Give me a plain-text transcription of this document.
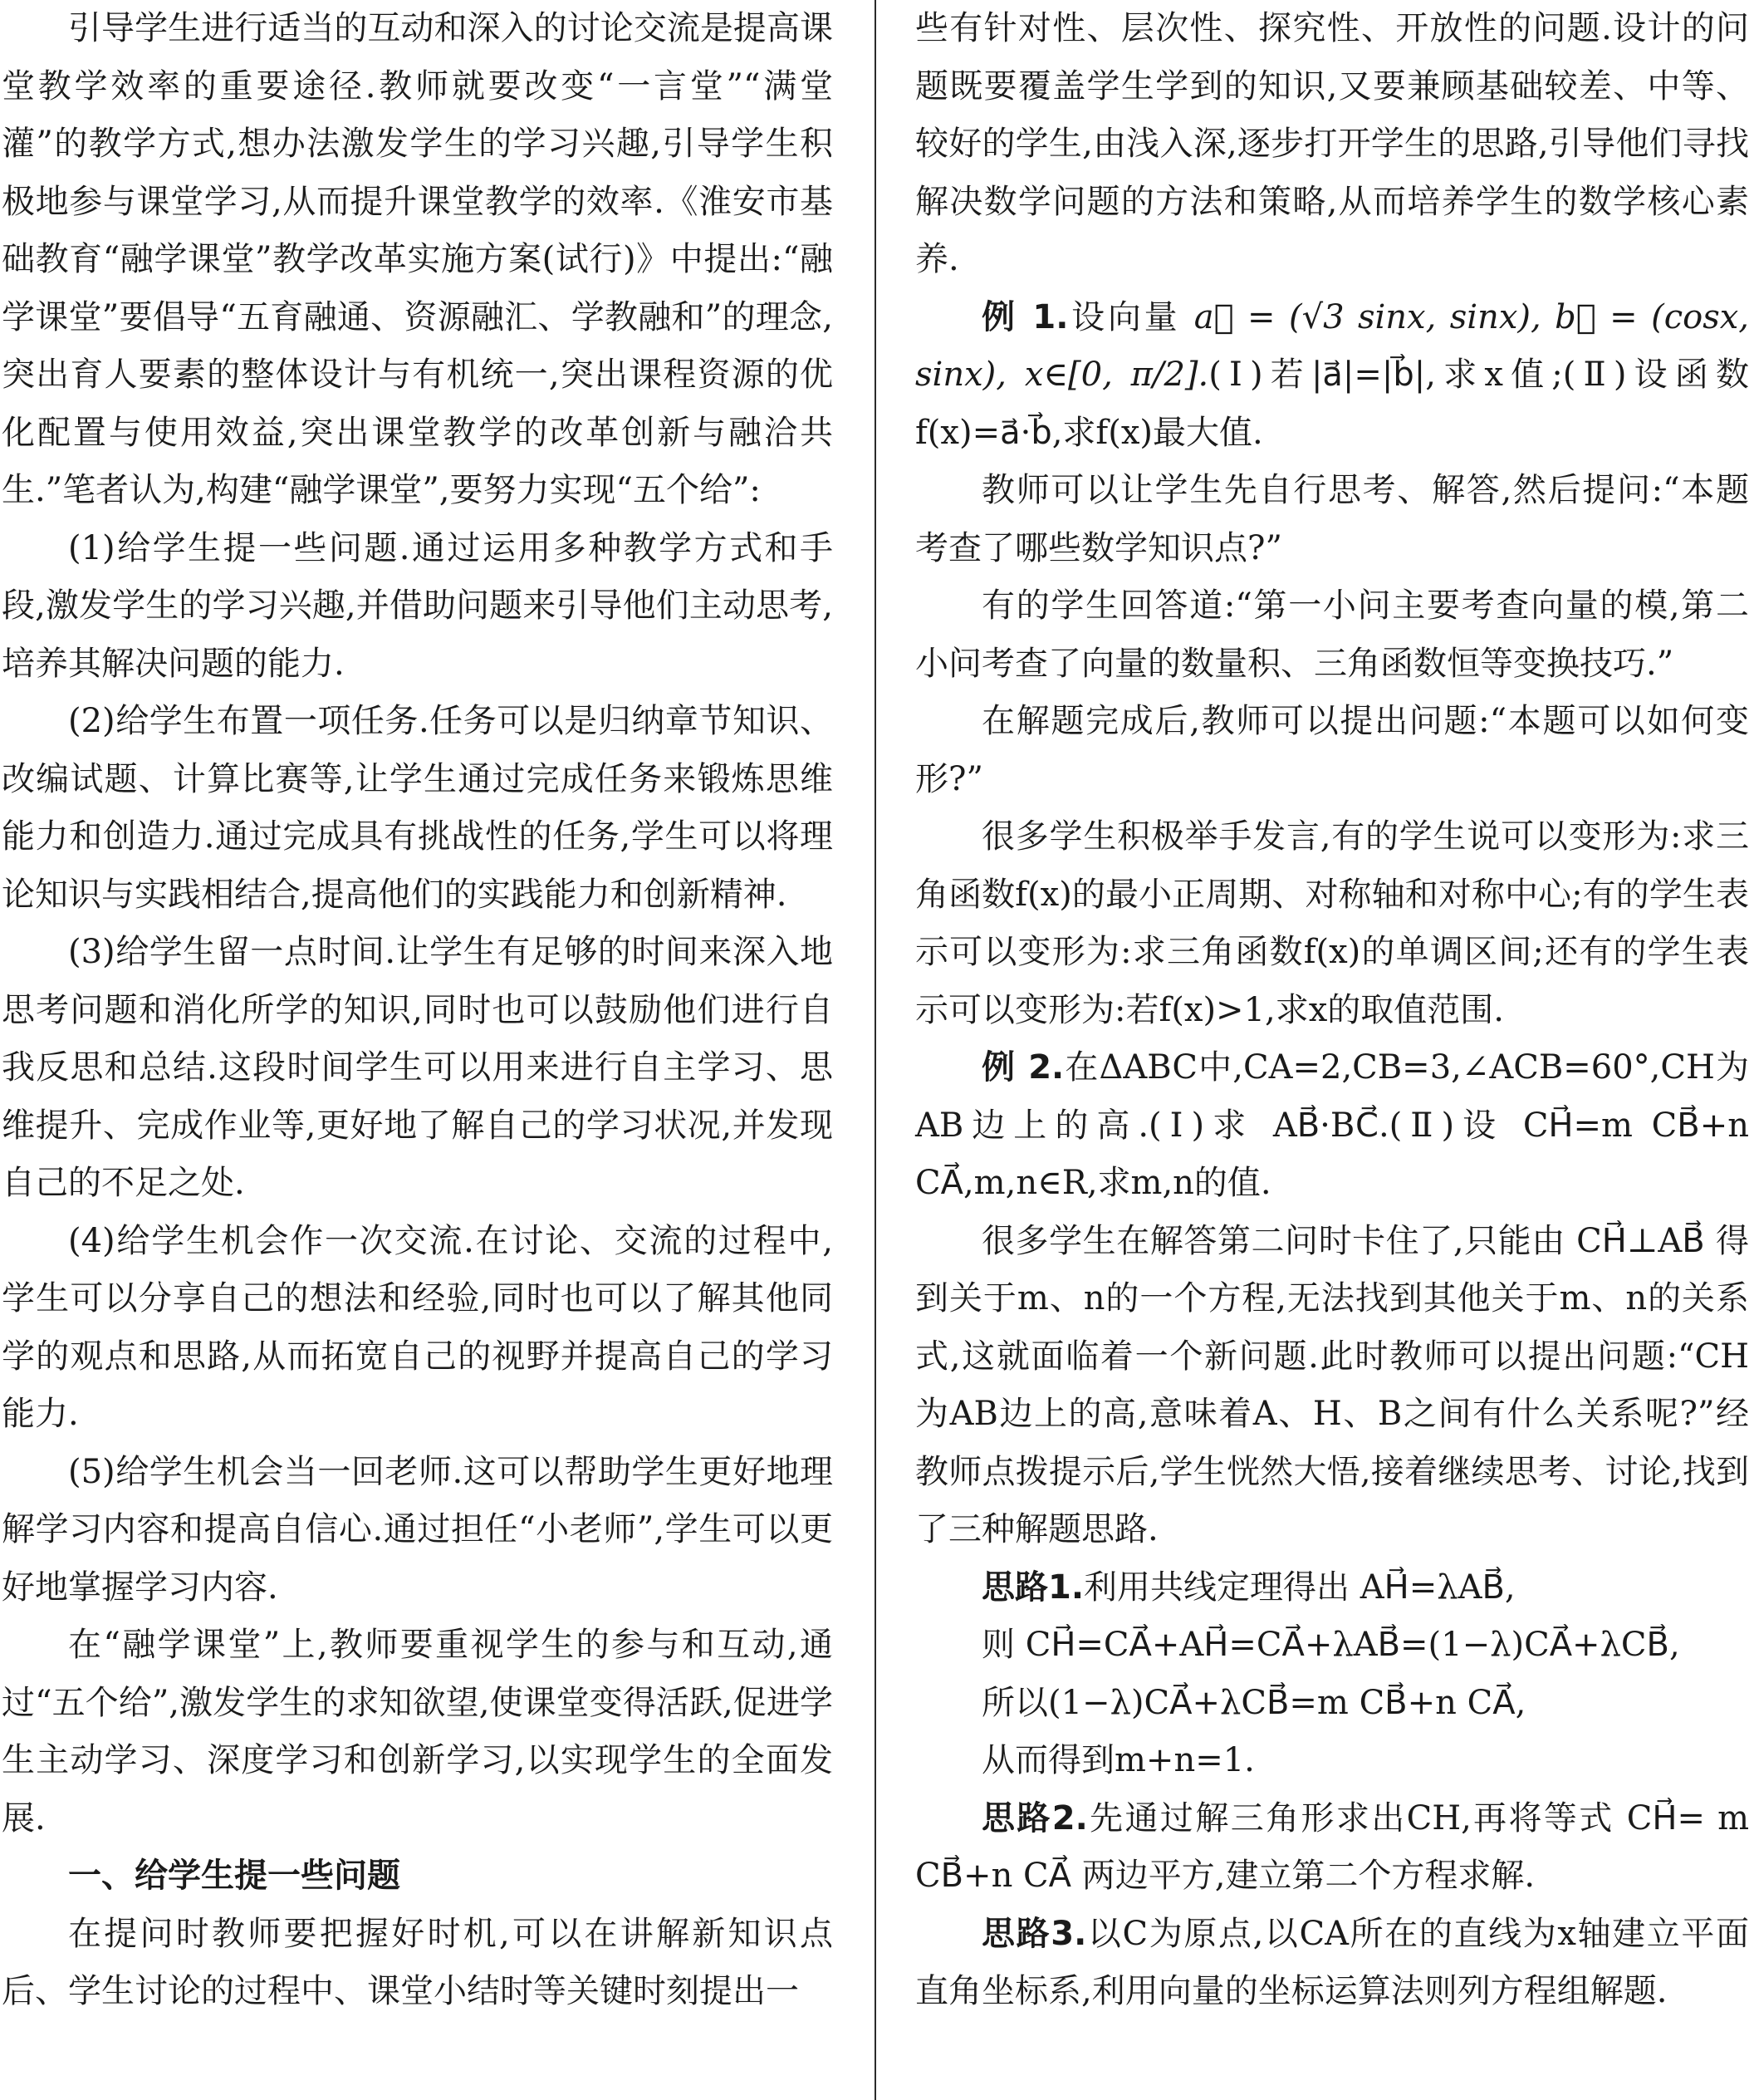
引导学生进行适当的互动和深入的讨论交流是提高课堂教学效率的重要途径.教师就要改变“一言堂”“满堂灌”的教学方式,想办法激发学生的学习兴趣,引导学生积极地参与课堂学习,从而提升课堂教学的效率.《淮安市基础教育“融学课堂”教学改革实施方案(试行)》中提出:“融学课堂”要倡导“五育融通、资源融汇、学教融和”的理念,突出育人要素的整体设计与有机统一,突出课程资源的优化配置与使用效益,突出课堂教学的改革创新与融洽共生.”笔者认为,构建“融学课堂”,要努力实现“五个给”:

(1)给学生提一些问题.通过运用多种教学方式和手段,激发学生的学习兴趣,并借助问题来引导他们主动思考,培养其解决问题的能力.

(2)给学生布置一项任务.任务可以是归纳章节知识、改编试题、计算比赛等,让学生通过完成任务来锻炼思维能力和创造力.通过完成具有挑战性的任务,学生可以将理论知识与实践相结合,提高他们的实践能力和创新精神.

(3)给学生留一点时间.让学生有足够的时间来深入地思考问题和消化所学的知识,同时也可以鼓励他们进行自我反思和总结.这段时间学生可以用来进行自主学习、思维提升、完成作业等,更好地了解自己的学习状况,并发现自己的不足之处.

(4)给学生机会作一次交流.在讨论、交流的过程中,学生可以分享自己的想法和经验,同时也可以了解其他同学的观点和思路,从而拓宽自己的视野并提高自己的学习能力.

(5)给学生机会当一回老师.这可以帮助学生更好地理解学习内容和提高自信心.通过担任“小老师”,学生可以更好地掌握学习内容.

在“融学课堂”上,教师要重视学生的参与和互动,通过“五个给”,激发学生的求知欲望,使课堂变得活跃,促进学生主动学习、深度学习和创新学习,以实现学生的全面发展.

一、给学生提一些问题

在提问时教师要把握好时机,可以在讲解新知识点后、学生讨论的过程中、课堂小结时等关键时刻提出一

些有针对性、层次性、探究性、开放性的问题.设计的问题既要覆盖学生学到的知识,又要兼顾基础较差、中等、较好的学生,由浅入深,逐步打开学生的思路,引导他们寻找解决数学问题的方法和策略,从而培养学生的数学核心素养.

例 1.设向量 a⃗ = (√3 sinx, sinx), b⃗ = (cosx, sinx), x∈[0, π/2].(Ⅰ)若|a⃗|=|b⃗|,求x值;(Ⅱ)设函数f(x)=a⃗·b⃗,求f(x)最大值.

教师可以让学生先自行思考、解答,然后提问:“本题考查了哪些数学知识点?”

有的学生回答道:“第一小问主要考查向量的模,第二小问考查了向量的数量积、三角函数恒等变换技巧.”

在解题完成后,教师可以提出问题:“本题可以如何变形?”

很多学生积极举手发言,有的学生说可以变形为:求三角函数f(x)的最小正周期、对称轴和对称中心;有的学生表示可以变形为:求三角函数f(x)的单调区间;还有的学生表示可以变形为:若f(x)>1,求x的取值范围.

例 2.在ΔABC中,CA=2,CB=3,∠ACB=60°,CH为AB边上的高.(Ⅰ)求 AB⃗·BC⃗.(Ⅱ)设 CH⃗=m CB⃗+n CA⃗,m,n∈R,求m,n的值.

很多学生在解答第二问时卡住了,只能由 CH⃗⊥AB⃗ 得到关于m、n的一个方程,无法找到其他关于m、n的关系式,这就面临着一个新问题.此时教师可以提出问题:“CH为AB边上的高,意味着A、H、B之间有什么关系呢?”经教师点拨提示后,学生恍然大悟,接着继续思考、讨论,找到了三种解题思路.

思路1.利用共线定理得出 AH⃗=λAB⃗,

则 CH⃗=CA⃗+AH⃗=CA⃗+λAB⃗=(1−λ)CA⃗+λCB⃗,

所以(1−λ)CA⃗+λCB⃗=m CB⃗+n CA⃗,

从而得到m+n=1.

思路2.先通过解三角形求出CH,再将等式 CH⃗= m CB⃗+n CA⃗ 两边平方,建立第二个方程求解.

思路3.以C为原点,以CA所在的直线为x轴建立平面直角坐标系,利用向量的坐标运算法则列方程组解题.
